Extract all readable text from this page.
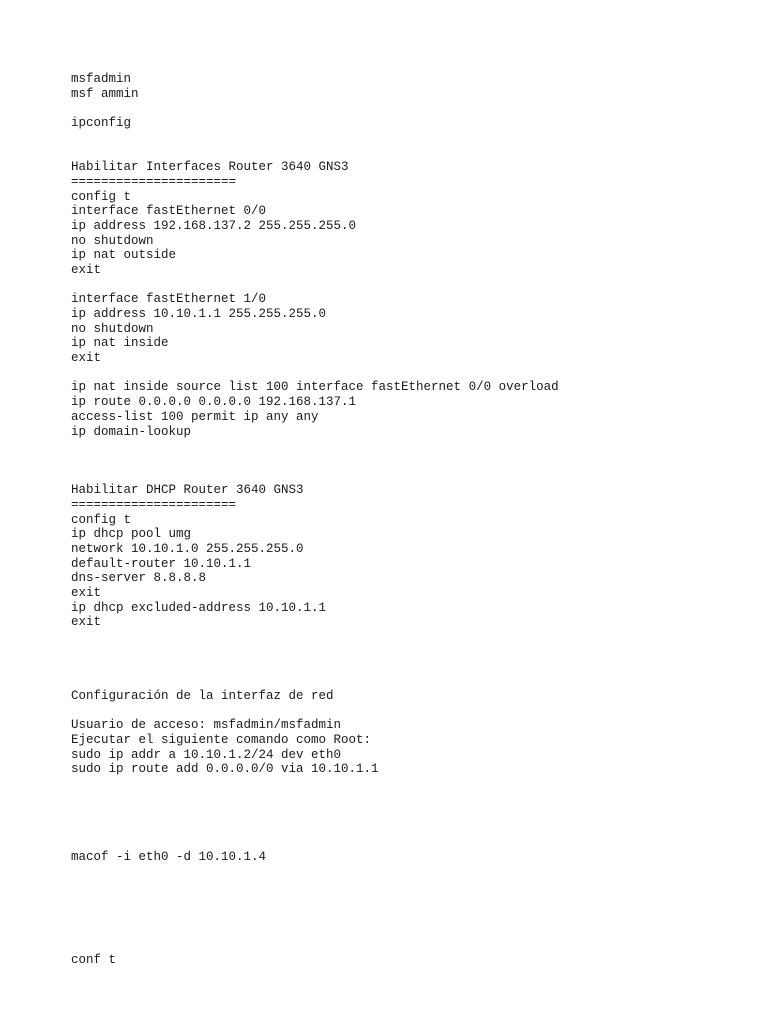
msfadmin
msf ammin
ipconfig
Habilitar Interfaces Router 3640 GNS3
======================
config t
interface fastEthernet 0/0
ip address 192.168.137.2 255.255.255.0
no shutdown
ip nat outside
exit
interface fastEthernet 1/0
ip address 10.10.1.1 255.255.255.0
no shutdown
ip nat inside
exit
ip nat inside source list 100 interface fastEthernet 0/0 overload
ip route 0.0.0.0 0.0.0.0 192.168.137.1
access-list 100 permit ip any any
ip domain-lookup
Habilitar DHCP Router 3640 GNS3
======================
config t
ip dhcp pool umg
network 10.10.1.0 255.255.255.0
default-router 10.10.1.1
dns-server 8.8.8.8
exit
ip dhcp excluded-address 10.10.1.1
exit
Configuración de la interfaz de red
Usuario de acceso: msfadmin/msfadmin
Ejecutar el siguiente comando como Root:
sudo ip addr a 10.10.1.2/24 dev eth0
sudo ip route add 0.0.0.0/0 via 10.10.1.1
macof -i eth0 -d 10.10.1.4
conf t
